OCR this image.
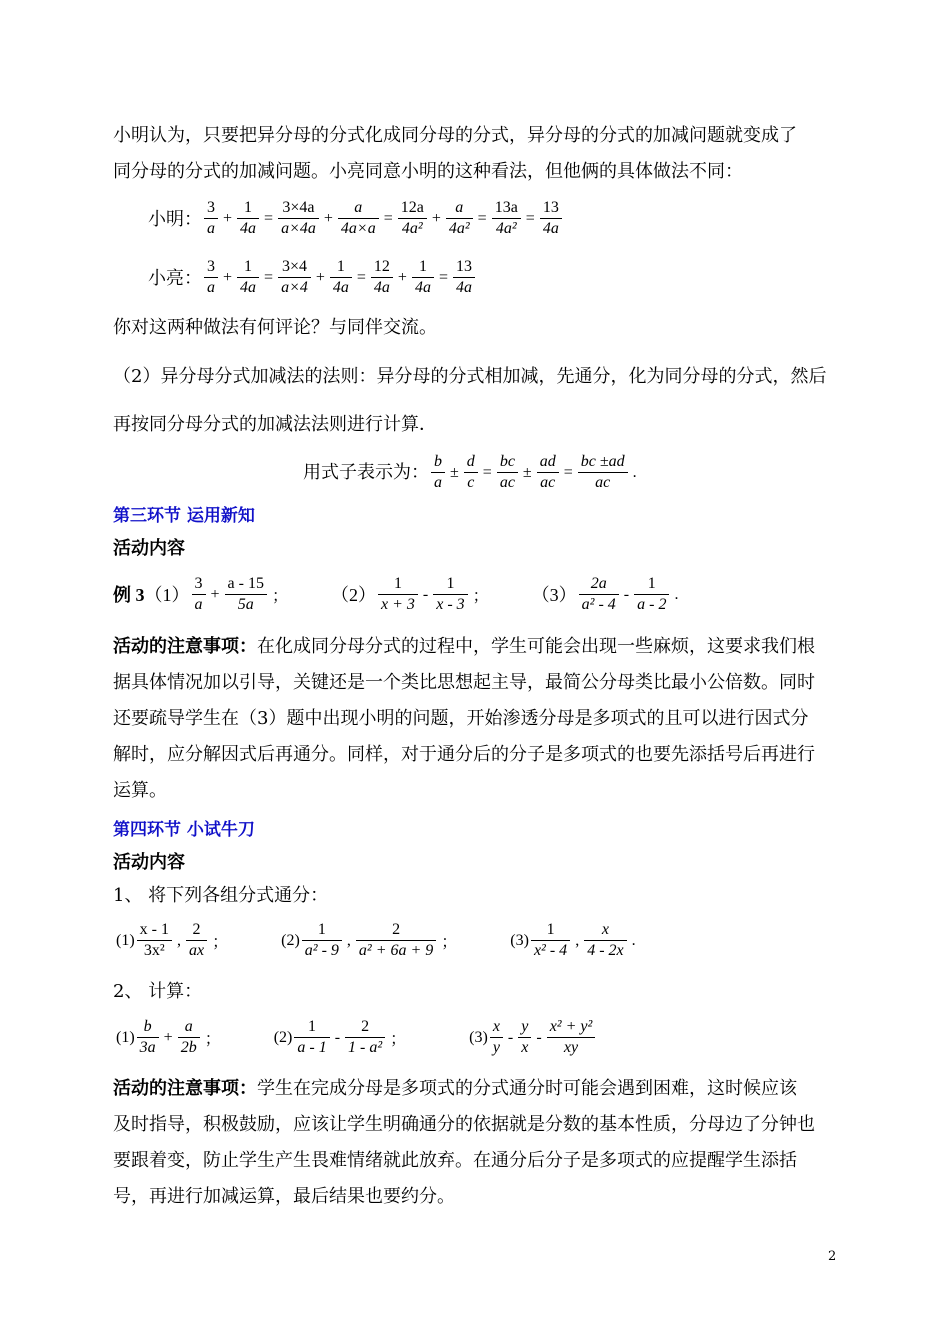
小明认为，只要把异分母的分式化成同分母的分式，异分母的分式的加减问题就变成了
同分母的分式的加减问题。小亮同意小明的这种看法，但他俩的具体做法不同：
小明： $\frac{3}{a} + \frac{1}{4a} = \frac{3\times 4a}{a\times 4a} + \frac{a}{4a\times a} = \frac{12a}{\text{4a²}} + \frac{a}{\text{4a²}} = \frac{13a}{\text{4a²}} = \frac{13}{4a}$
小亮： $\frac{3}{a} + \frac{1}{4a} = \frac{3\times 4}{a\times 4} + \frac{1}{4a} = \frac{12}{4a} + \frac{1}{4a} = \frac{13}{4a}$
你对这两种做法有何评论？与同伴交流。
（2）异分母分式加减法的法则：异分母的分式相加减，先通分，化为同分母的分式，然后
再按同分母分式的加减法法则进行计算．
用式子表示为： $\frac{b}{a} \pm \frac{d}{c} = \frac{bc}{ac} \pm \frac{ad}{ac} = \frac{bc \pm ad}{ac}$ .
第三环节 运用新知
活动内容
例 3 $(1) \frac{3}{a} + \frac{a - 15}{5a}$ ； $(2) \frac{1}{x + 3} - \frac{1}{x - 3}$ ； $(3) \frac{2a}{\text{a² - 4}} - \frac{1}{a - 2}$ .
活动的注意事项：在化成同分母分式的过程中，学生可能会出现一些麻烦，这要求我们根
据具体情况加以引导，关键还是一个类比思想起主导，最简公分母类比最小公倍数。同时
还要疏导学生在（3）题中出现小明的问题，开始渗透分母是多项式的且可以进行因式分
解时，应分解因式后再通分。同样，对于通分后的分子是多项式的也要先添括号后再进行
运算。
第四环节 小试牛刀
活动内容
1、 将下列各组分式通分：
$(1) \frac{x - 1}{\text{3x²}}$ , $\frac{2}{ax}$ ；	$(2) \frac{1}{\text{a² - 9}}$ , $\frac{2}{\text{a² + 6a + 9}}$ ；	$(3) \frac{1}{\text{x² - 4}}$ , $\frac{x}{4 - 2x}$ .
2、 计算：
$(1) \frac{b}{3a} + \frac{a}{2b}$ ；	$(2) \frac{1}{a - 1} - \frac{2}{\text{1 - a²}}$ ；	$(3) \frac{x}{y} - \frac{y}{x} - \frac{\text{x² + y²}}{xy}$
活动的注意事项：学生在完成分母是多项式的分式通分时可能会遇到困难，这时候应该
及时指导，积极鼓励，应该让学生明确通分的依据就是分数的基本性质，分母边了分钟也
要跟着变，防止学生产生畏难情绪就此放弃。在通分后分子是多项式的应提醒学生添括
号，再进行加减运算，最后结果也要约分。
2
